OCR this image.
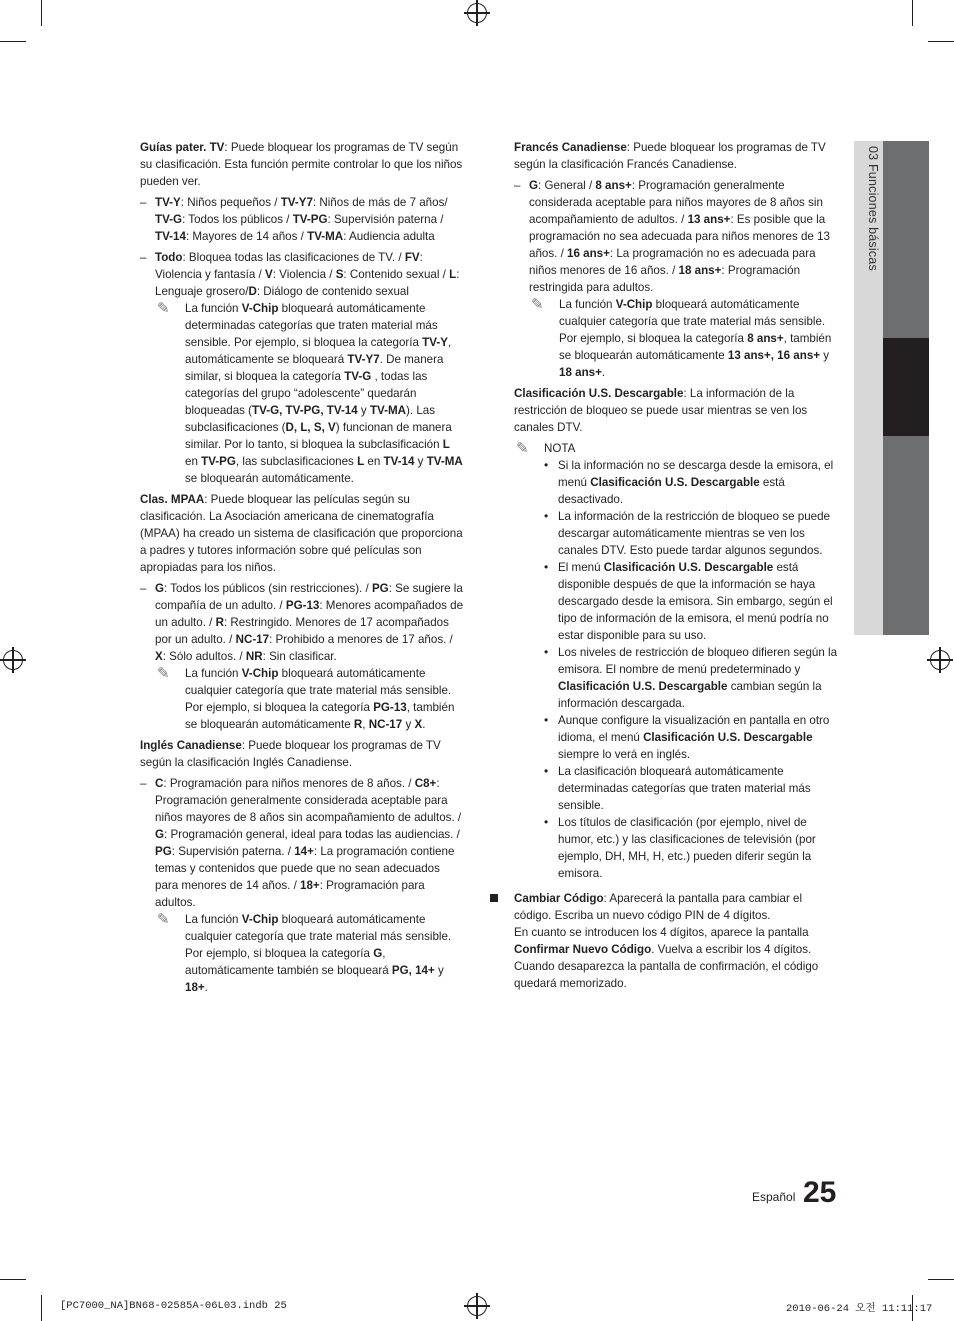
03 Funciones básicas

Guías pater. TV: Puede bloquear los programas de TV según su clasificación. Esta función permite controlar lo que los niños pueden ver.

– TV-Y: Niños pequeños / TV-Y7: Niños de más de 7 años/ TV-G: Todos los públicos / TV-PG: Supervisión paterna / TV-14: Mayores de 14 años / TV-MA: Audiencia adulta

– Todo: Bloquea todas las clasificaciones de TV. / FV: Violencia y fantasía / V: Violencia / S: Contenido sexual / L: Lenguaje grosero/D: Diálogo de contenido sexual

✎ La función V-Chip bloqueará automáticamente determinadas categorías que traten material más sensible. Por ejemplo, si bloquea la categoría TV-Y, automáticamente se bloqueará TV-Y7. De manera similar, si bloquea la categoría TV-G , todas las categorías del grupo “adolescente” quedarán bloqueadas (TV-G, TV-PG, TV-14 y TV-MA). Las subclasificaciones (D, L, S, V) funcionan de manera similar. Por lo tanto, si bloquea la subclasificación L en TV-PG, las subclasificaciones L en TV-14 y TV-MA se bloquearán automáticamente.

Clas. MPAA: Puede bloquear las películas según su clasificación. La Asociación americana de cinematografía (MPAA) ha creado un sistema de clasificación que proporciona a padres y tutores información sobre qué películas son apropiadas para los niños.

– G: Todos los públicos (sin restricciones). / PG: Se sugiere la compañía de un adulto. / PG-13: Menores acompañados de un adulto. / R: Restringido. Menores de 17 acompañados por un adulto. / NC-17: Prohibido a menores de 17 años. / X: Sólo adultos. / NR: Sin clasificar.

✎ La función V-Chip bloqueará automáticamente cualquier categoría que trate material más sensible. Por ejemplo, si bloquea la categoría PG-13, también se bloquearán automáticamente R, NC-17 y X.

Inglés Canadiense: Puede bloquear los programas de TV según la clasificación Inglés Canadiense.

– C: Programación para niños menores de 8 años. / C8+: Programación generalmente considerada aceptable para niños mayores de 8 años sin acompañamiento de adultos. / G: Programación general, ideal para todas las audiencias. / PG: Supervisión paterna. / 14+: La programación contiene temas y contenidos que puede que no sean adecuados para menores de 14 años. / 18+: Programación para adultos.

✎ La función V-Chip bloqueará automáticamente cualquier categoría que trate material más sensible. Por ejemplo, si bloquea la categoría G, automáticamente también se bloqueará PG, 14+ y 18+.

Francés Canadiense: Puede bloquear los programas de TV según la clasificación Francés Canadiense.

– G: General / 8 ans+: Programación generalmente considerada aceptable para niños mayores de 8 años sin acompañamiento de adultos. / 13 ans+: Es posible que la programación no sea adecuada para niños menores de 13 años. / 16 ans+: La programación no es adecuada para niños menores de 16 años. / 18 ans+: Programación restringida para adultos.

✎ La función V-Chip bloqueará automáticamente cualquier categoría que trate material más sensible. Por ejemplo, si bloquea la categoría 8 ans+, también se bloquearán automáticamente 13 ans+, 16 ans+ y 18 ans+.

Clasificación U.S. Descargable: La información de la restricción de bloqueo se puede usar mientras se ven los canales DTV.

✎ NOTA

• Si la información no se descarga desde la emisora, el menú Clasificación U.S. Descargable está desactivado.

• La información de la restricción de bloqueo se puede descargar automáticamente mientras se ven los canales DTV. Esto puede tardar algunos segundos.

• El menú Clasificación U.S. Descargable está disponible después de que la información se haya descargado desde la emisora. Sin embargo, según el tipo de información de la emisora, el menú podría no estar disponible para su uso.

• Los niveles de restricción de bloqueo difieren según la emisora. El nombre de menú predeterminado y Clasificación U.S. Descargable cambian según la información descargada.

• Aunque configure la visualización en pantalla en otro idioma, el menú Clasificación U.S. Descargable siempre lo verá en inglés.

• La clasificación bloqueará automáticamente determinadas categorías que traten material más sensible.

• Los títulos de clasificación (por ejemplo, nivel de humor, etc.) y las clasificaciones de televisión (por ejemplo, DH, MH, H, etc.) pueden diferir según la emisora.

Cambiar Código: Aparecerá la pantalla para cambiar el código. Escriba un nuevo código PIN de 4 dígitos.

En cuanto se introducen los 4 dígitos, aparece la pantalla Confirmar Nuevo Código. Vuelva a escribir los 4 dígitos. Cuando desaparezca la pantalla de confirmación, el código quedará memorizado.

Español 25
[PC7000_NA]BN68-02585A-06L03.indb 25	2010-06-24 오전 11:11:17
